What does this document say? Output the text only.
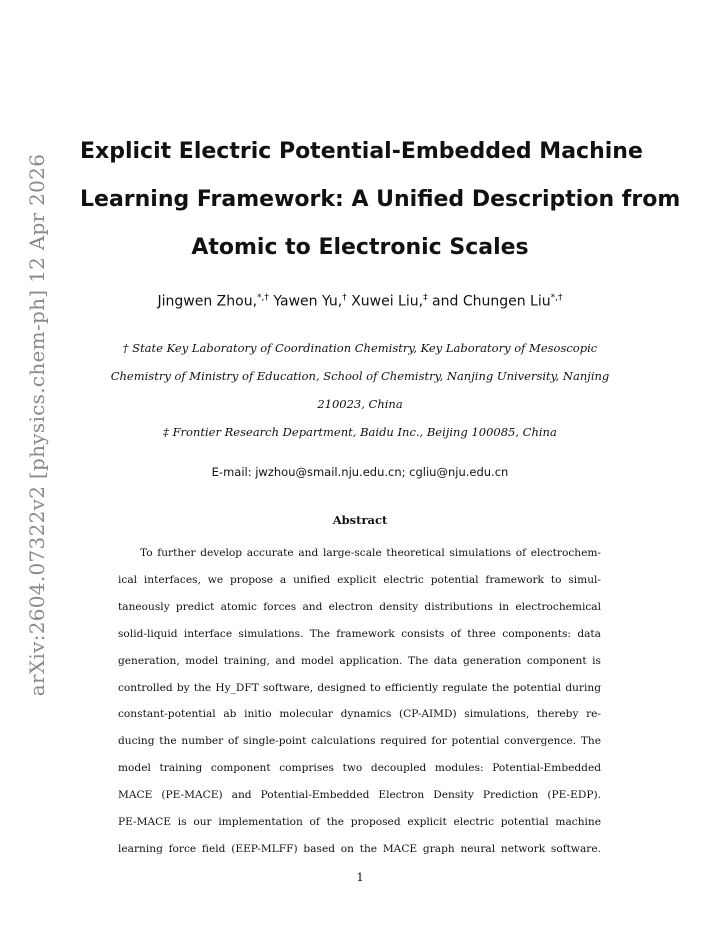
arXiv:2604.07322v2 [physics.chem-ph] 12 Apr 2026
Explicit Electric Potential-Embedded Machine
Learning Framework: A Unified Description from
Atomic to Electronic Scales
Jingwen Zhou,*,† Yawen Yu,† Xuwei Liu,‡ and Chungen Liu*,†
† State Key Laboratory of Coordination Chemistry, Key Laboratory of Mesoscopic
Chemistry of Ministry of Education, School of Chemistry, Nanjing University, Nanjing
210023, China
‡ Frontier Research Department, Baidu Inc., Beijing 100085, China
E-mail: jwzhou@smail.nju.edu.cn; cgliu@nju.edu.cn
Abstract
To further develop accurate and large-scale theoretical simulations of electrochem-
ical interfaces, we propose a unified explicit electric potential framework to simul-
taneously predict atomic forces and electron density distributions in electrochemical
solid-liquid interface simulations. The framework consists of three components: data
generation, model training, and model application. The data generation component is
controlled by the Hy_DFT software, designed to efficiently regulate the potential during
constant-potential ab initio molecular dynamics (CP-AIMD) simulations, thereby re-
ducing the number of single-point calculations required for potential convergence. The
model training component comprises two decoupled modules: Potential-Embedded
MACE (PE-MACE) and Potential-Embedded Electron Density Prediction (PE-EDP).
PE-MACE is our implementation of the proposed explicit electric potential machine
learning force field (EEP-MLFF) based on the MACE graph neural network software.
1
